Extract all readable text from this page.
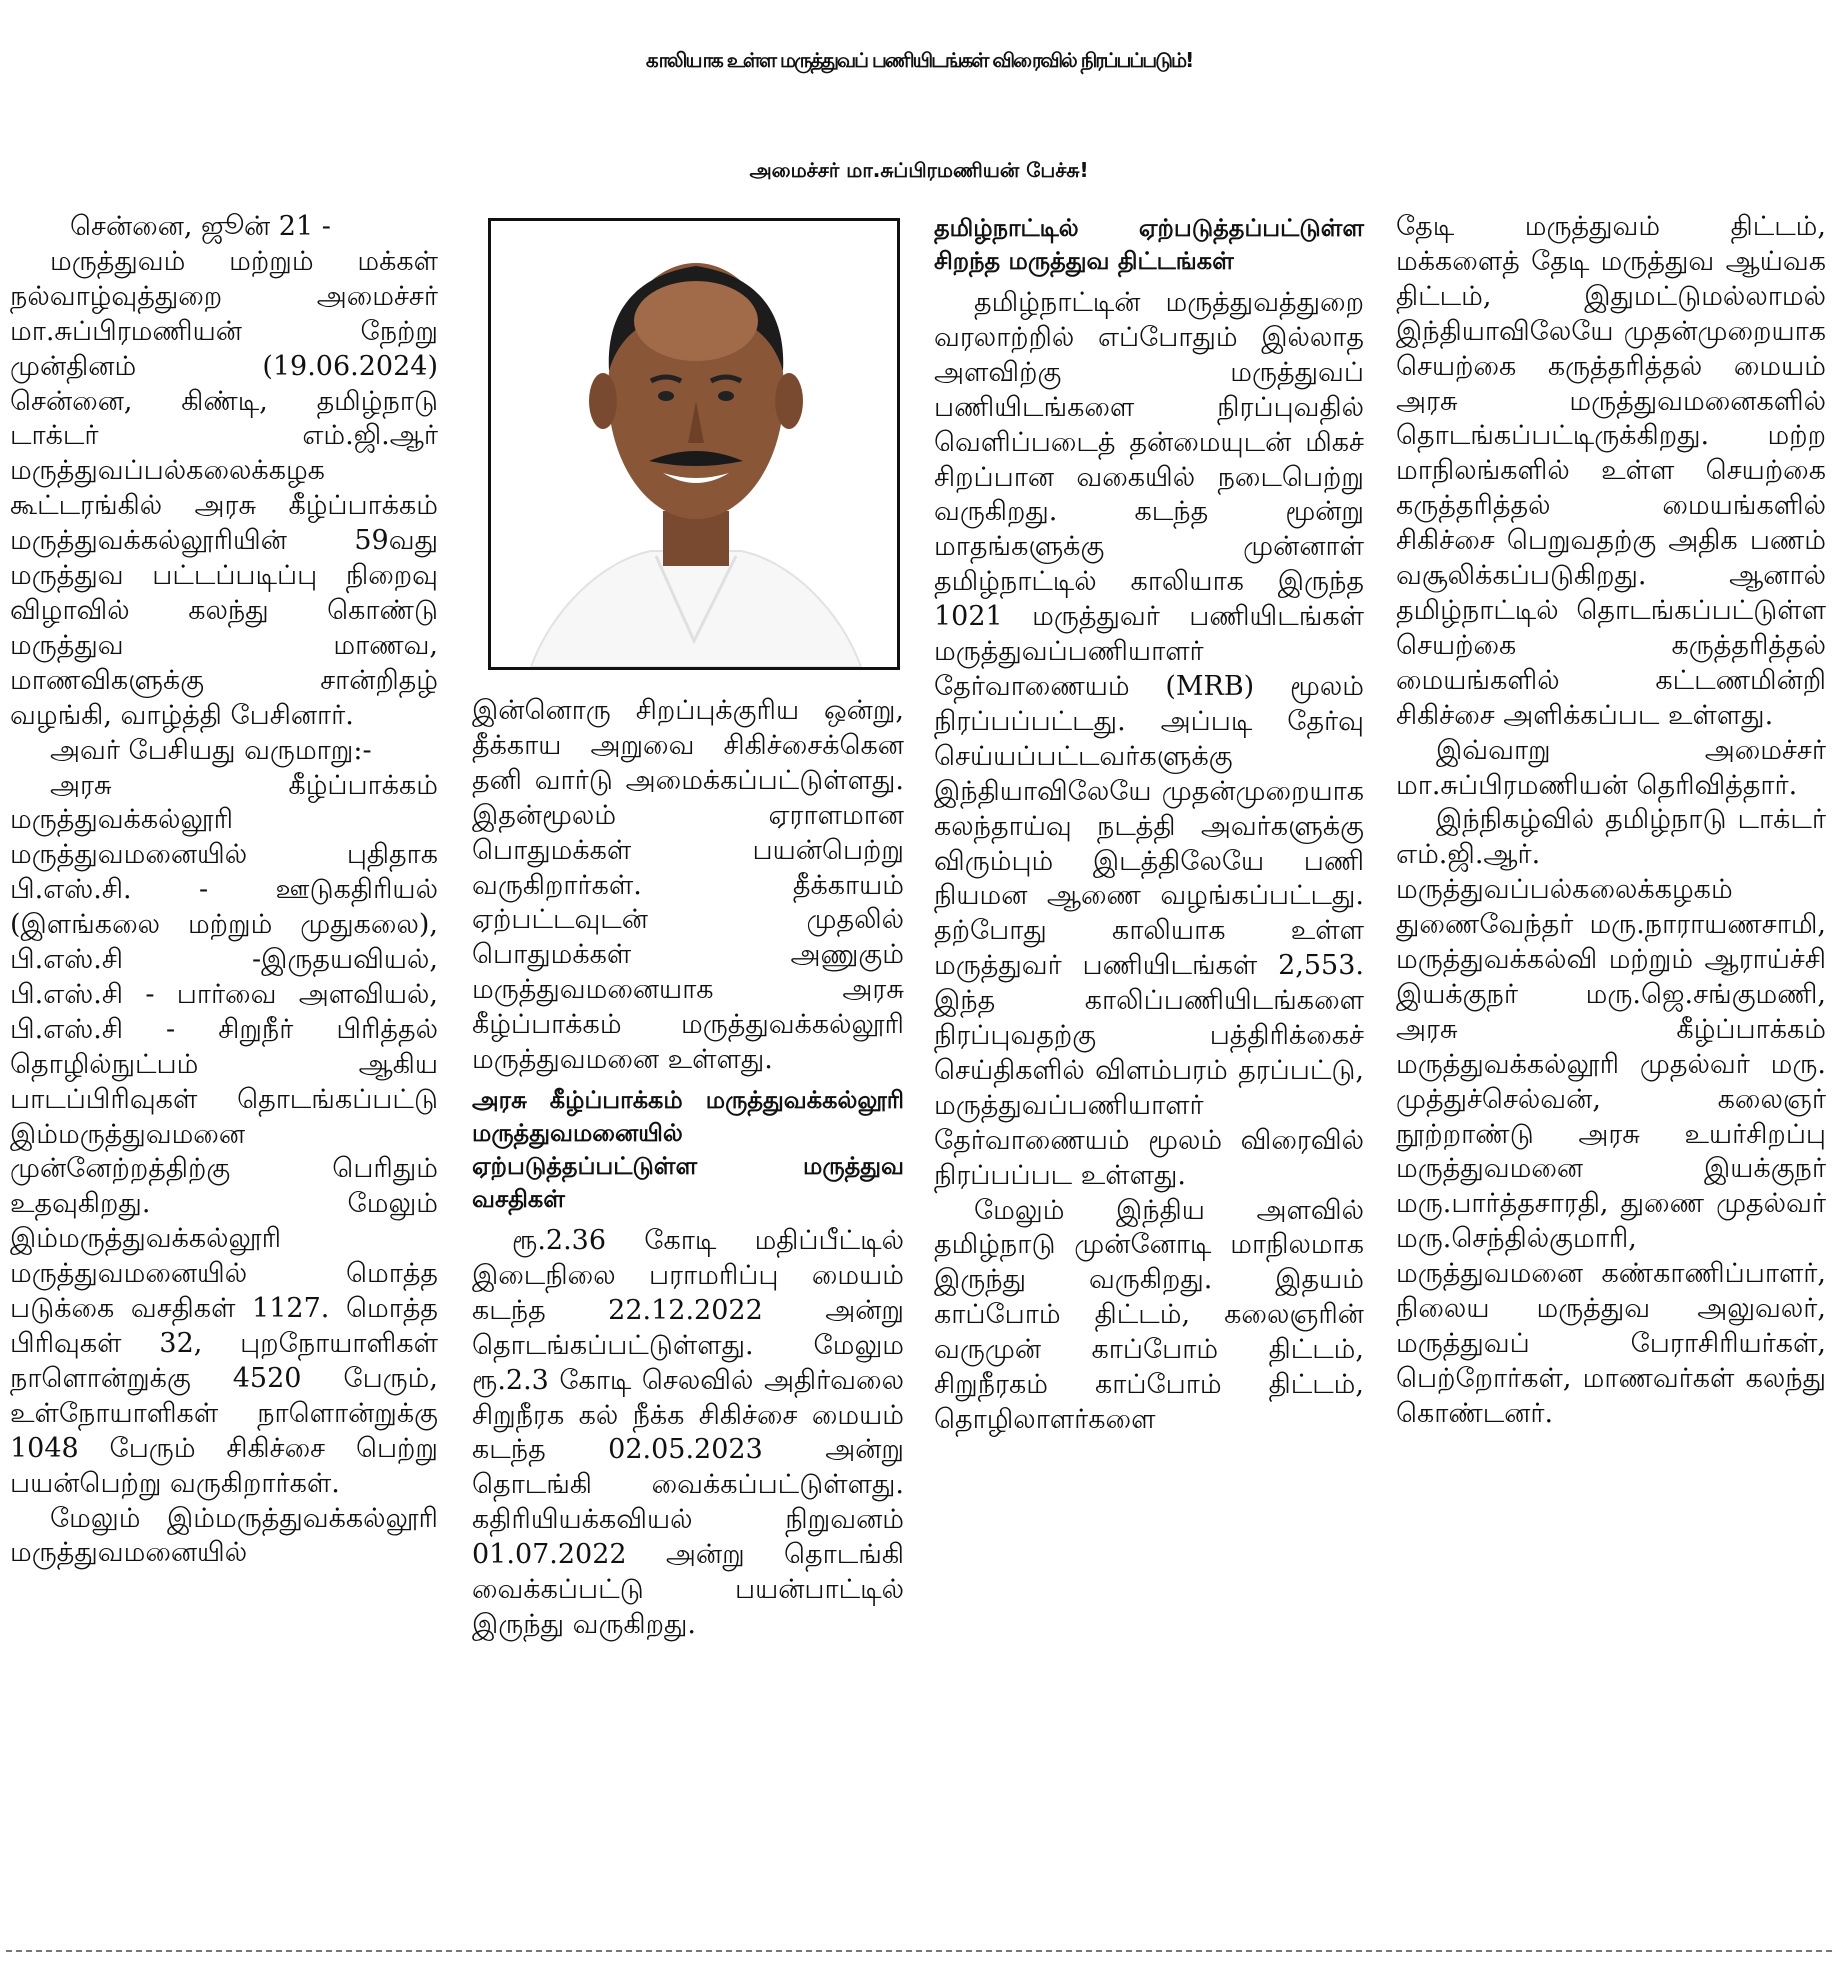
காலியாக உள்ள மருத்துவப் பணியிடங்கள் விரைவில் நிரப்பப்படும்!
அமைச்சர் மா.சுப்பிரமணியன் பேச்சு!

சென்னை, ஜூன் 21 -

மருத்துவம் மற்றும் மக்கள் நல்வாழ்வுத்துறை அமைச்சர் மா.சுப்பிரமணியன் நேற்று முன்தினம் (19.06.2024) சென்னை, கிண்டி, தமிழ்நாடு டாக்டர் எம்.ஜி.ஆர் மருத்துவப்பல்கலைக்கழக கூட்டரங்கில் அரசு கீழ்ப்பாக்கம் மருத்துவக்கல்லூரியின் 59வது மருத்துவ பட்டப்படிப்பு நிறைவு விழாவில் கலந்து கொண்டு மருத்துவ மாணவ, மாணவிகளுக்கு சான்றிதழ் வழங்கி, வாழ்த்தி பேசினார்.

அவர் பேசியது வருமாறு:-

அரசு கீழ்ப்பாக்கம் மருத்துவக்கல்லூரி மருத்துவமனையில் புதிதாக பி.எஸ்.சி. - ஊடுகதிரியல் (இளங்கலை மற்றும் முதுகலை), பி.எஸ்.சி -இருதயவியல், பி.எஸ்.சி - பார்வை அளவியல், பி.எஸ்.சி - சிறுநீர் பிரித்தல் தொழில்நுட்பம் ஆகிய பாடப்பிரிவுகள் தொடங்கப்பட்டு இம்மருத்துவமனை முன்னேற்றத்திற்கு பெரிதும் உதவுகிறது. மேலும் இம்மருத்துவக்கல்லூரி மருத்துவமனையில் மொத்த படுக்கை வசதிகள் 1127. மொத்த பிரிவுகள் 32, புறநோயாளிகள் நாளொன்றுக்கு 4520 பேரும், உள்நோயாளிகள் நாளொன்றுக்கு 1048 பேரும் சிகிச்சை பெற்று பயன்பெற்று வருகிறார்கள்.

மேலும் இம்மருத்துவக்கல்லூரி மருத்துவமனையில்

இன்னொரு சிறப்புக்குரிய ஒன்று, தீக்காய அறுவை சிகிச்சைக்கென தனி வார்டு அமைக்கப்பட்டுள்ளது. இதன்மூலம் ஏராளமான பொதுமக்கள் பயன்பெற்று வருகிறார்கள். தீக்காயம் ஏற்பட்டவுடன் முதலில் பொதுமக்கள் அணுகும் மருத்துவமனையாக அரசு கீழ்ப்பாக்கம் மருத்துவக்கல்லூரி மருத்துவமனை உள்ளது.

அரசு கீழ்ப்பாக்கம் மருத்துவக்கல்லூரி மருத்துவமனையில் ஏற்படுத்தப்பட்டுள்ள மருத்துவ வசதிகள்

ரூ.2.36 கோடி மதிப்பீட்டில் இடைநிலை பராமரிப்பு மையம் கடந்த 22.12.2022 அன்று தொடங்கப்பட்டுள்ளது. மேலும ரூ.2.3 கோடி செலவில் அதிர்வலை சிறுநீரக கல் நீக்க சிகிச்சை மையம் கடந்த 02.05.2023 அன்று தொடங்கி வைக்கப்பட்டுள்ளது. கதிரியியக்கவியல் நிறுவனம் 01.07.2022 அன்று தொடங்கி வைக்கப்பட்டு பயன்பாட்டில் இருந்து வருகிறது.

தமிழ்நாட்டில் ஏற்படுத்தப்பட்டுள்ள சிறந்த மருத்துவ திட்டங்கள்

தமிழ்நாட்டின் மருத்துவத்துறை வரலாற்றில் எப்போதும் இல்லாத அளவிற்கு மருத்துவப் பணியிடங்களை நிரப்புவதில் வெளிப்படைத் தன்மையுடன் மிகச் சிறப்பான வகையில் நடைபெற்று வருகிறது. கடந்த மூன்று மாதங்களுக்கு முன்னாள் தமிழ்நாட்டில் காலியாக இருந்த 1021 மருத்துவர் பணியிடங்கள் மருத்துவப்பணியாளர் தேர்வாணையம் (MRB) மூலம் நிரப்பப்பட்டது. அப்படி தேர்வு செய்யப்பட்டவர்களுக்கு இந்தியாவிலேயே முதன்முறையாக கலந்தாய்வு நடத்தி அவர்களுக்கு விரும்பும் இடத்திலேயே பணி நியமன ஆணை வழங்கப்பட்டது. தற்போது காலியாக உள்ள மருத்துவர் பணியிடங்கள் 2,553. இந்த காலிப்பணியிடங்களை நிரப்புவதற்கு பத்திரிக்கைச் செய்திகளில் விளம்பரம் தரப்பட்டு, மருத்துவப்பணியாளர் தேர்வாணையம் மூலம் விரைவில் நிரப்பப்பட உள்ளது.

மேலும் இந்திய அளவில் தமிழ்நாடு முன்னோடி மாநிலமாக இருந்து வருகிறது. இதயம் காப்போம் திட்டம், கலைஞரின் வருமுன் காப்போம் திட்டம், சிறுநீரகம் காப்போம் திட்டம், தொழிலாளர்களை

தேடி மருத்துவம் திட்டம், மக்களைத் தேடி மருத்துவ ஆய்வக திட்டம், இதுமட்டுமல்லாமல் இந்தியாவிலேயே முதன்முறையாக செயற்கை கருத்தரித்தல் மையம் அரசு மருத்துவமனைகளில் தொடங்கப்பட்டிருக்கிறது. மற்ற மாநிலங்களில் உள்ள செயற்கை கருத்தரித்தல் மையங்களில் சிகிச்சை பெறுவதற்கு அதிக பணம் வசூலிக்கப்படுகிறது. ஆனால் தமிழ்நாட்டில் தொடங்கப்பட்டுள்ள செயற்கை கருத்தரித்தல் மையங்களில் கட்டணமின்றி சிகிச்சை அளிக்கப்பட உள்ளது.

இவ்வாறு அமைச்சர் மா.சுப்பிரமணியன் தெரிவித்தார்.

இந்நிகழ்வில் தமிழ்நாடு டாக்டர் எம்.ஜி.ஆர். மருத்துவப்பல்கலைக்கழகம் துணைவேந்தர் மரு.நாராயணசாமி, மருத்துவக்கல்வி மற்றும் ஆராய்ச்சி இயக்குநர் மரு.ஜெ.சங்குமணி, அரசு கீழ்ப்பாக்கம் மருத்துவக்கல்லூரி முதல்வர் மரு. முத்துச்செல்வன், கலைஞர் நூற்றாண்டு அரசு உயர்சிறப்பு மருத்துவமனை இயக்குநர் மரு.பார்த்தசாரதி, துணை முதல்வர் மரு.செந்தில்குமாரி, மருத்துவமனை கண்காணிப்பாளர், நிலைய மருத்துவ அலுவலர், மருத்துவப் பேராசிரியர்கள், பெற்றோர்கள், மாணவர்கள் கலந்து கொண்டனர்.
